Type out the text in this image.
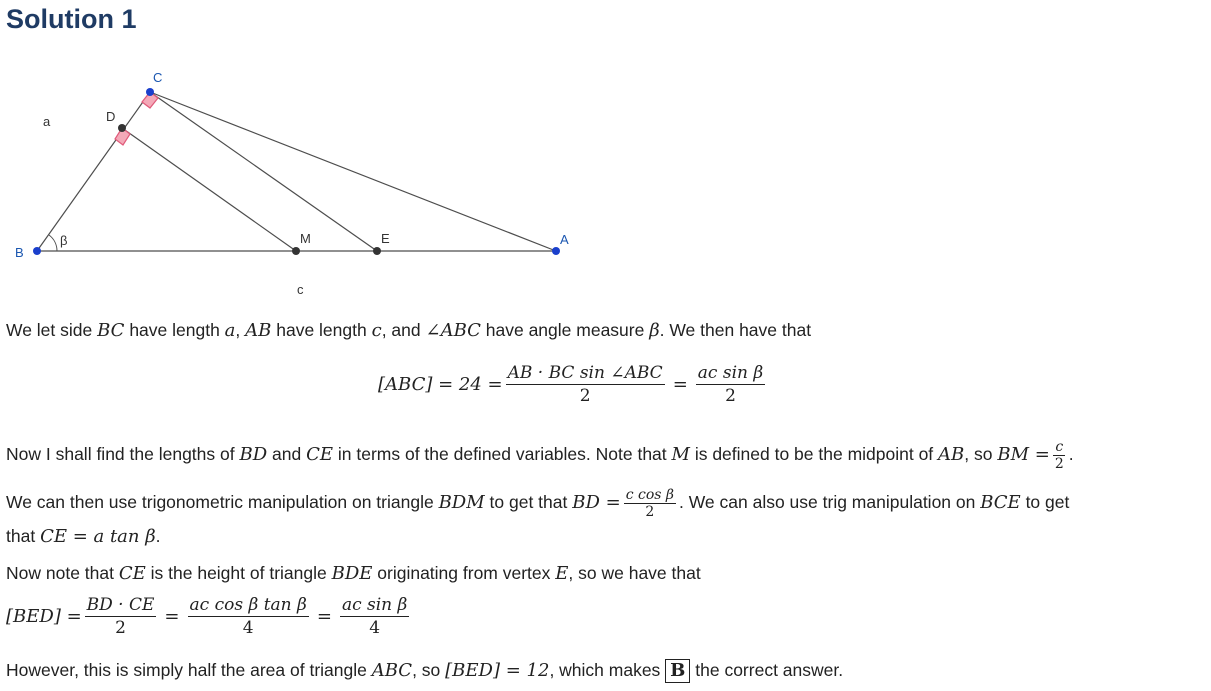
Solution 1
A
B
C
D
M	E
a
c
β

We let side BC have length a, AB have length c, and ∠ABC have angle measure β. We then have that

$[ABC] = 24 = \frac{\text{AB · BC sin ∠ABC}}{2} = \frac{\text{ac sin β}}{2}$

Now I shall find the lengths of BD and CE in terms of the defined variables. Note that M is defined to be the midpoint of AB, so BM = $\frac{c}{2}$ .

We can then use trigonometric manipulation on triangle BDM to get that BD = $\frac{\text{c cos β}}{2}$ . We can also use trig manipulation on BCE to get

that CE = a tan β.

Now note that CE is the height of triangle BDE originating from vertex E, so we have that

$[BED] = \frac{BD \cdot CE}{2} = \frac{\text{ac cos β tan β}}{4} = \frac{\text{ac sin β}}{4}$

However, this is simply half the area of triangle ABC, so [BED] = 12, which makes B the correct answer.
